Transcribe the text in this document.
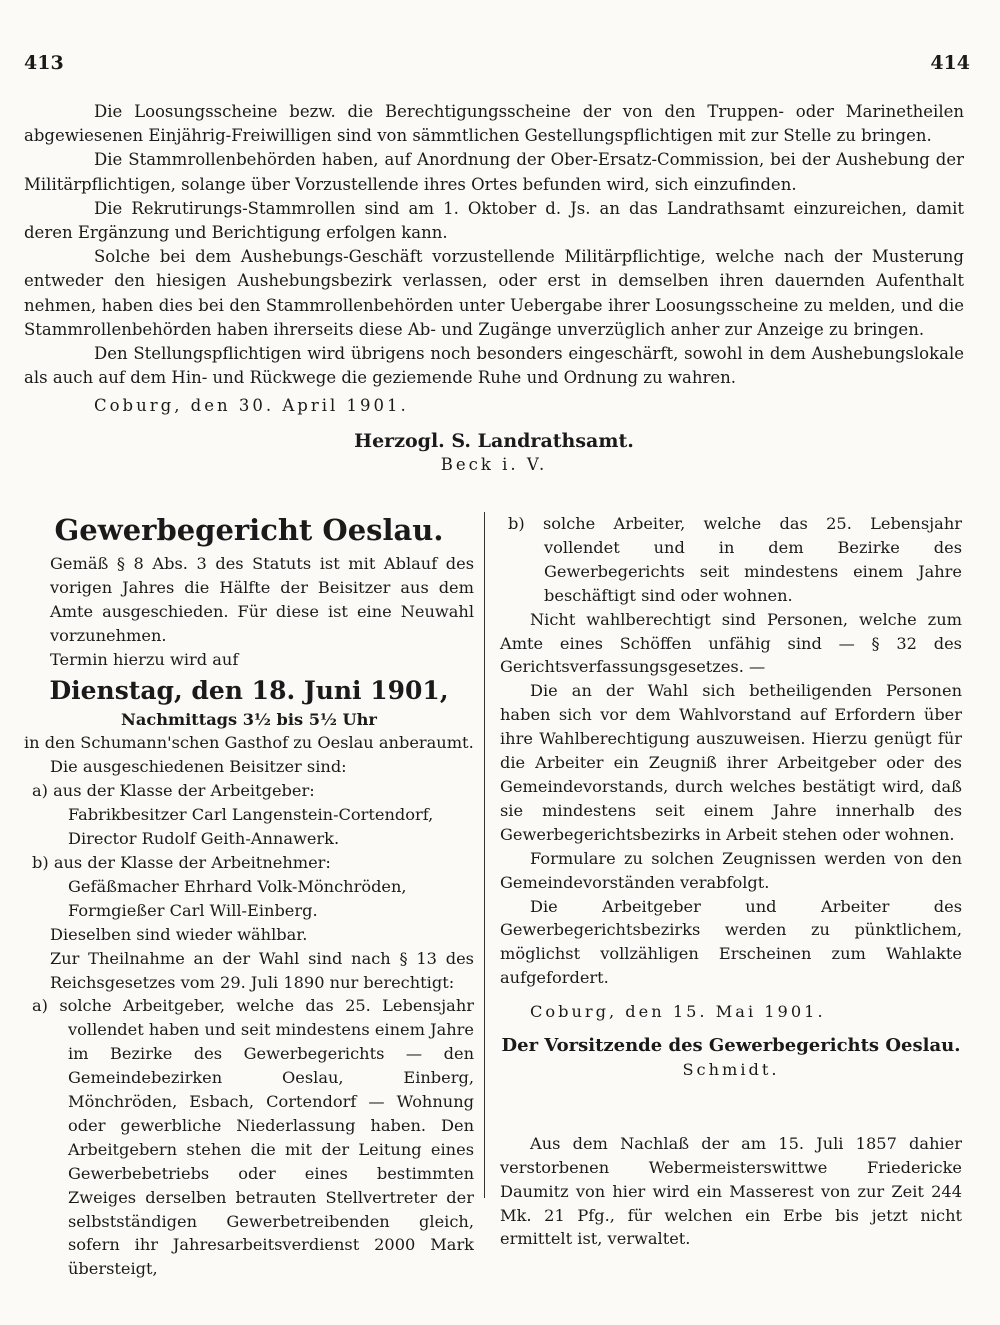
413	414

Die Loosungsscheine bezw. die Berechtigungsscheine der von den Truppen- oder Marinetheilen abgewiesenen Einjährig-Freiwilligen sind von sämmtlichen Gestellungspflichtigen mit zur Stelle zu bringen.

Die Stammrollenbehörden haben, auf Anordnung der Ober-Ersatz-Commission, bei der Aushebung der Militärpflichtigen, solange über Vorzustellende ihres Ortes befunden wird, sich einzufinden.

Die Rekrutirungs-Stammrollen sind am 1. Oktober d. Js. an das Landrathsamt einzureichen, damit deren Ergänzung und Berichtigung erfolgen kann.

Solche bei dem Aushebungs-Geschäft vorzustellende Militärpflichtige, welche nach der Musterung entweder den hiesigen Aushebungsbezirk verlassen, oder erst in demselben ihren dauernden Aufenthalt nehmen, haben dies bei den Stammrollenbehörden unter Uebergabe ihrer Loosungsscheine zu melden, und die Stammrollenbehörden haben ihrerseits diese Ab- und Zugänge unverzüglich anher zur Anzeige zu bringen.

Den Stellungspflichtigen wird übrigens noch besonders eingeschärft, sowohl in dem Aushebungslokale als auch auf dem Hin- und Rückwege die geziemende Ruhe und Ordnung zu wahren.

Coburg, den 30. April 1901.

Herzogl. S. Landrathsamt.

Beck i. V.

Gewerbegericht Oeslau.

Gemäß § 8 Abs. 3 des Statuts ist mit Ablauf des vorigen Jahres die Hälfte der Beisitzer aus dem Amte ausgeschieden. Für diese ist eine Neuwahl vorzunehmen.

Termin hierzu wird auf

Dienstag, den 18. Juni 1901,

Nachmittags 3½ bis 5½ Uhr

in den Schumann'schen Gasthof zu Oeslau anberaumt.

Die ausgeschiedenen Beisitzer sind:

a) aus der Klasse der Arbeitgeber:

Fabrikbesitzer Carl Langenstein-Cortendorf,

Director Rudolf Geith-Annawerk.

b) aus der Klasse der Arbeitnehmer:

Gefäßmacher Ehrhard Volk-Mönchröden,

Formgießer Carl Will-Einberg.

Dieselben sind wieder wählbar.

Zur Theilnahme an der Wahl sind nach § 13 des Reichsgesetzes vom 29. Juli 1890 nur berechtigt:

a) solche Arbeitgeber, welche das 25. Lebensjahr vollendet haben und seit mindestens einem Jahre im Bezirke des Gewerbegerichts — den Gemeindebezirken Oeslau, Einberg, Mönchröden, Esbach, Cortendorf — Wohnung oder gewerbliche Niederlassung haben. Den Arbeitgebern stehen die mit der Leitung eines Gewerbebetriebs oder eines bestimmten Zweiges derselben betrauten Stellvertreter der selbstständigen Gewerbetreibenden gleich, sofern ihr Jahresarbeitsverdienst 2000 Mark übersteigt,

b) solche Arbeiter, welche das 25. Lebensjahr vollendet und in dem Bezirke des Gewerbegerichts seit mindestens einem Jahre beschäftigt sind oder wohnen.

Nicht wahlberechtigt sind Personen, welche zum Amte eines Schöffen unfähig sind — § 32 des Gerichtsverfassungsgesetzes. —

Die an der Wahl sich betheiligenden Personen haben sich vor dem Wahlvorstand auf Erfordern über ihre Wahlberechtigung auszuweisen. Hierzu genügt für die Arbeiter ein Zeugniß ihrer Arbeitgeber oder des Gemeindevorstands, durch welches bestätigt wird, daß sie mindestens seit einem Jahre innerhalb des Gewerbegerichtsbezirks in Arbeit stehen oder wohnen.

Formulare zu solchen Zeugnissen werden von den Gemeindevorständen verabfolgt.

Die Arbeitgeber und Arbeiter des Gewerbegerichtsbezirks werden zu pünktlichem, möglichst vollzähligen Erscheinen zum Wahlakte aufgefordert.

Coburg, den 15. Mai 1901.

Der Vorsitzende des Gewerbegerichts Oeslau.

Schmidt.

Aus dem Nachlaß der am 15. Juli 1857 dahier verstorbenen Webermeisterswittwe Friedericke Daumitz von hier wird ein Masserest von zur Zeit 244 Mk. 21 Pfg., für welchen ein Erbe bis jetzt nicht ermittelt ist, verwaltet.
